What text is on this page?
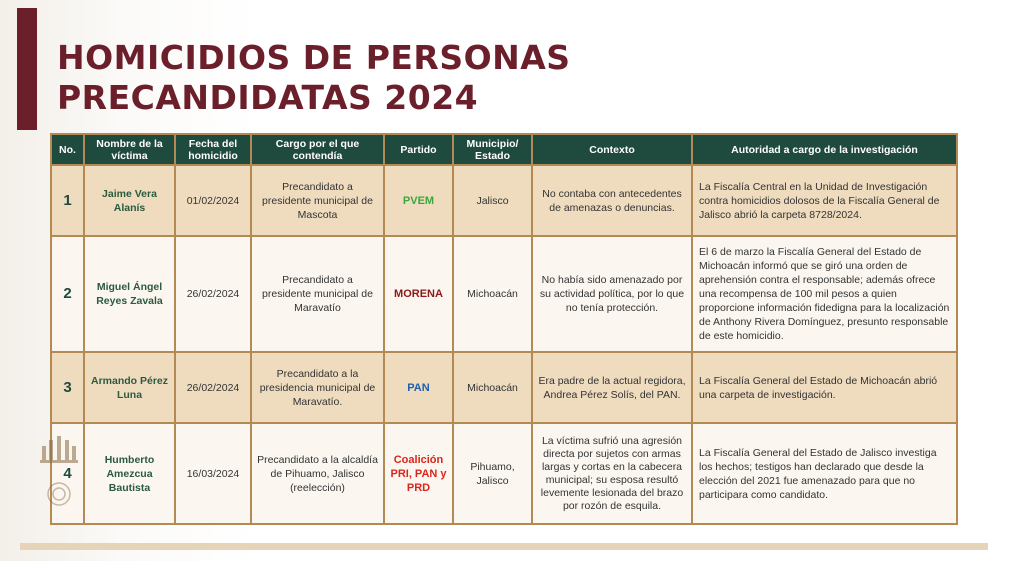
HOMICIDIOS DE PERSONAS
PRECANDIDATAS 2024
No.	Nombre de la víctima	Fecha del homicidio	Cargo por el que contendía	Partido	Municipio/ Estado	Contexto	Autoridad a cargo de la investigación
1	Jaime Vera Alanís	01/02/2024	Precandidato a presidente municipal de Mascota	PVEM	Jalisco	No contaba con antecedentes de amenazas o denuncias.	La Fiscalía Central en la Unidad de Investigación contra homicidios dolosos de la Fiscalía General de Jalisco abrió la carpeta 8728/2024.
2	Miguel Ángel Reyes Zavala	26/02/2024	Precandidato a presidente municipal de Maravatío	MORENA	Michoacán	No había sido amenazado por su actividad política, por lo que no tenía protección.	El 6 de marzo la Fiscalía General del Estado de Michoacán informó que se giró una orden de aprehensión contra el responsable; además ofrece una recompensa de 100 mil pesos a quien proporcione información fidedigna para la localización de Anthony Rivera Domínguez, presunto responsable de este homicidio.
3	Armando Pérez Luna	26/02/2024	Precandidato a la presidencia municipal de Maravatío.	PAN	Michoacán	Era padre de la actual regidora, Andrea Pérez Solís, del PAN.	La Fiscalía General del Estado de Michoacán abrió una carpeta de investigación.
4	Humberto Amezcua Bautista	16/03/2024	Precandidato a la alcaldía de Pihuamo, Jalisco (reelección)	Coalición PRI, PAN y PRD	Pihuamo, Jalisco	La víctima sufrió una agresión directa por sujetos con armas largas y cortas en la cabecera municipal; su esposa resultó levemente lesionada del brazo por rozón de esquila.	La Fiscalía General del Estado de Jalisco investiga los hechos; testigos han declarado que desde la elección del 2021 fue amenazado para que no participara como candidato.
